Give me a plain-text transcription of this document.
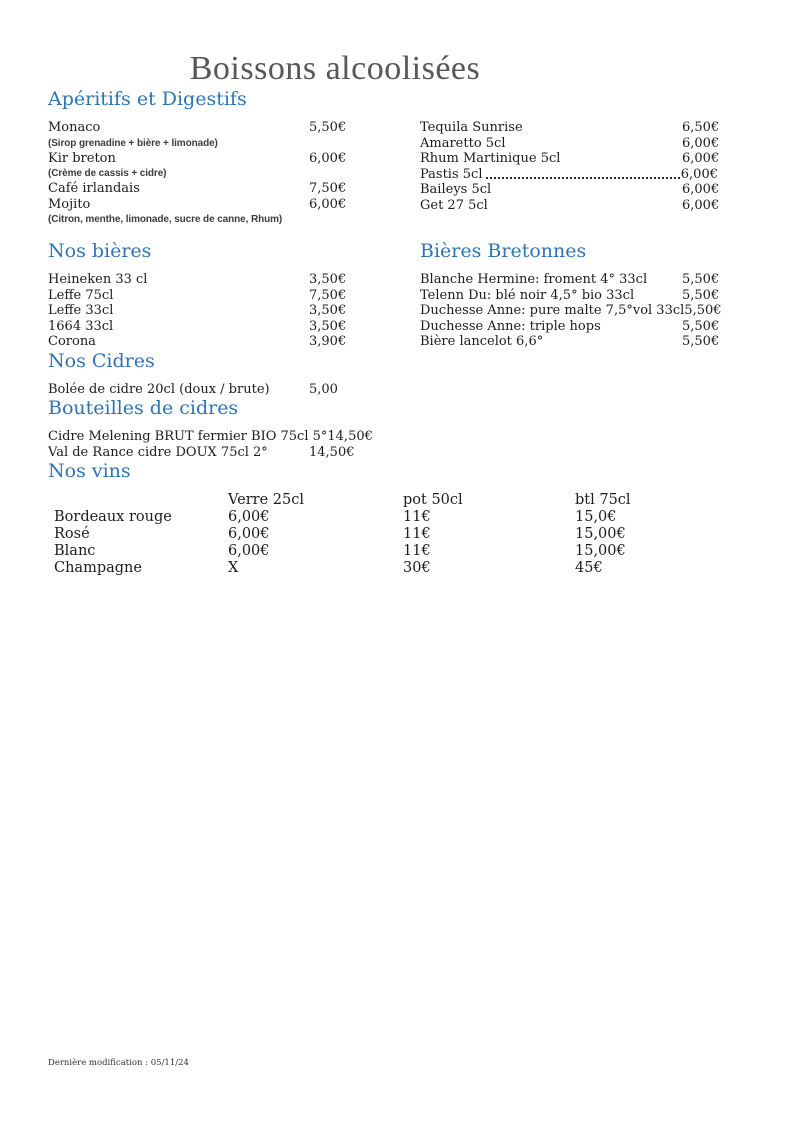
Boissons alcoolisées
Apéritifs et Digestifs
Monaco	5,50€
(Sirop grenadine + bière + limonade)
Kir breton	6,00€
(Crème de cassis + cidre)
Café irlandais	7,50€
Mojito	6,00€
(Citron, menthe, limonade, sucre de canne, Rhum)
Tequila Sunrise	6,50€
Amaretto 5cl	6,00€
Rhum Martinique 5cl	6,00€
Pastis 5cl	6,00€
Baileys 5cl	6,00€
Get 27 5cl	6,00€
Nos bières
Heineken 33 cl	3,50€
Leffe 75cl	7,50€
Leffe 33cl	3,50€
1664 33cl	3,50€
Corona	3,90€
Bières Bretonnes
Blanche Hermine: froment 4° 33cl	5,50€
Telenn Du: blé noir 4,5° bio 33cl	5,50€
Duchesse Anne: pure malte 7,5°vol 33cl 5,50€
Duchesse Anne: triple hops	5,50€
Bière lancelot 6,6°	5,50€
Nos Cidres
Bolée de cidre 20cl (doux / brute)	5,00
Bouteilles de cidres
Cidre Melening BRUT fermier BIO 75cl 5° 14,50€
Val de Rance cidre DOUX 75cl 2°	14,50€
Nos vins
Verre 25cl	pot 50cl	btl 75cl
Bordeaux rouge	6,00€	11€	15,0€
Rosé	6,00€	11€	15,00€
Blanc	6,00€	11€	15,00€
Champagne	X	30€	45€
Dernière modification : 05/11/24
